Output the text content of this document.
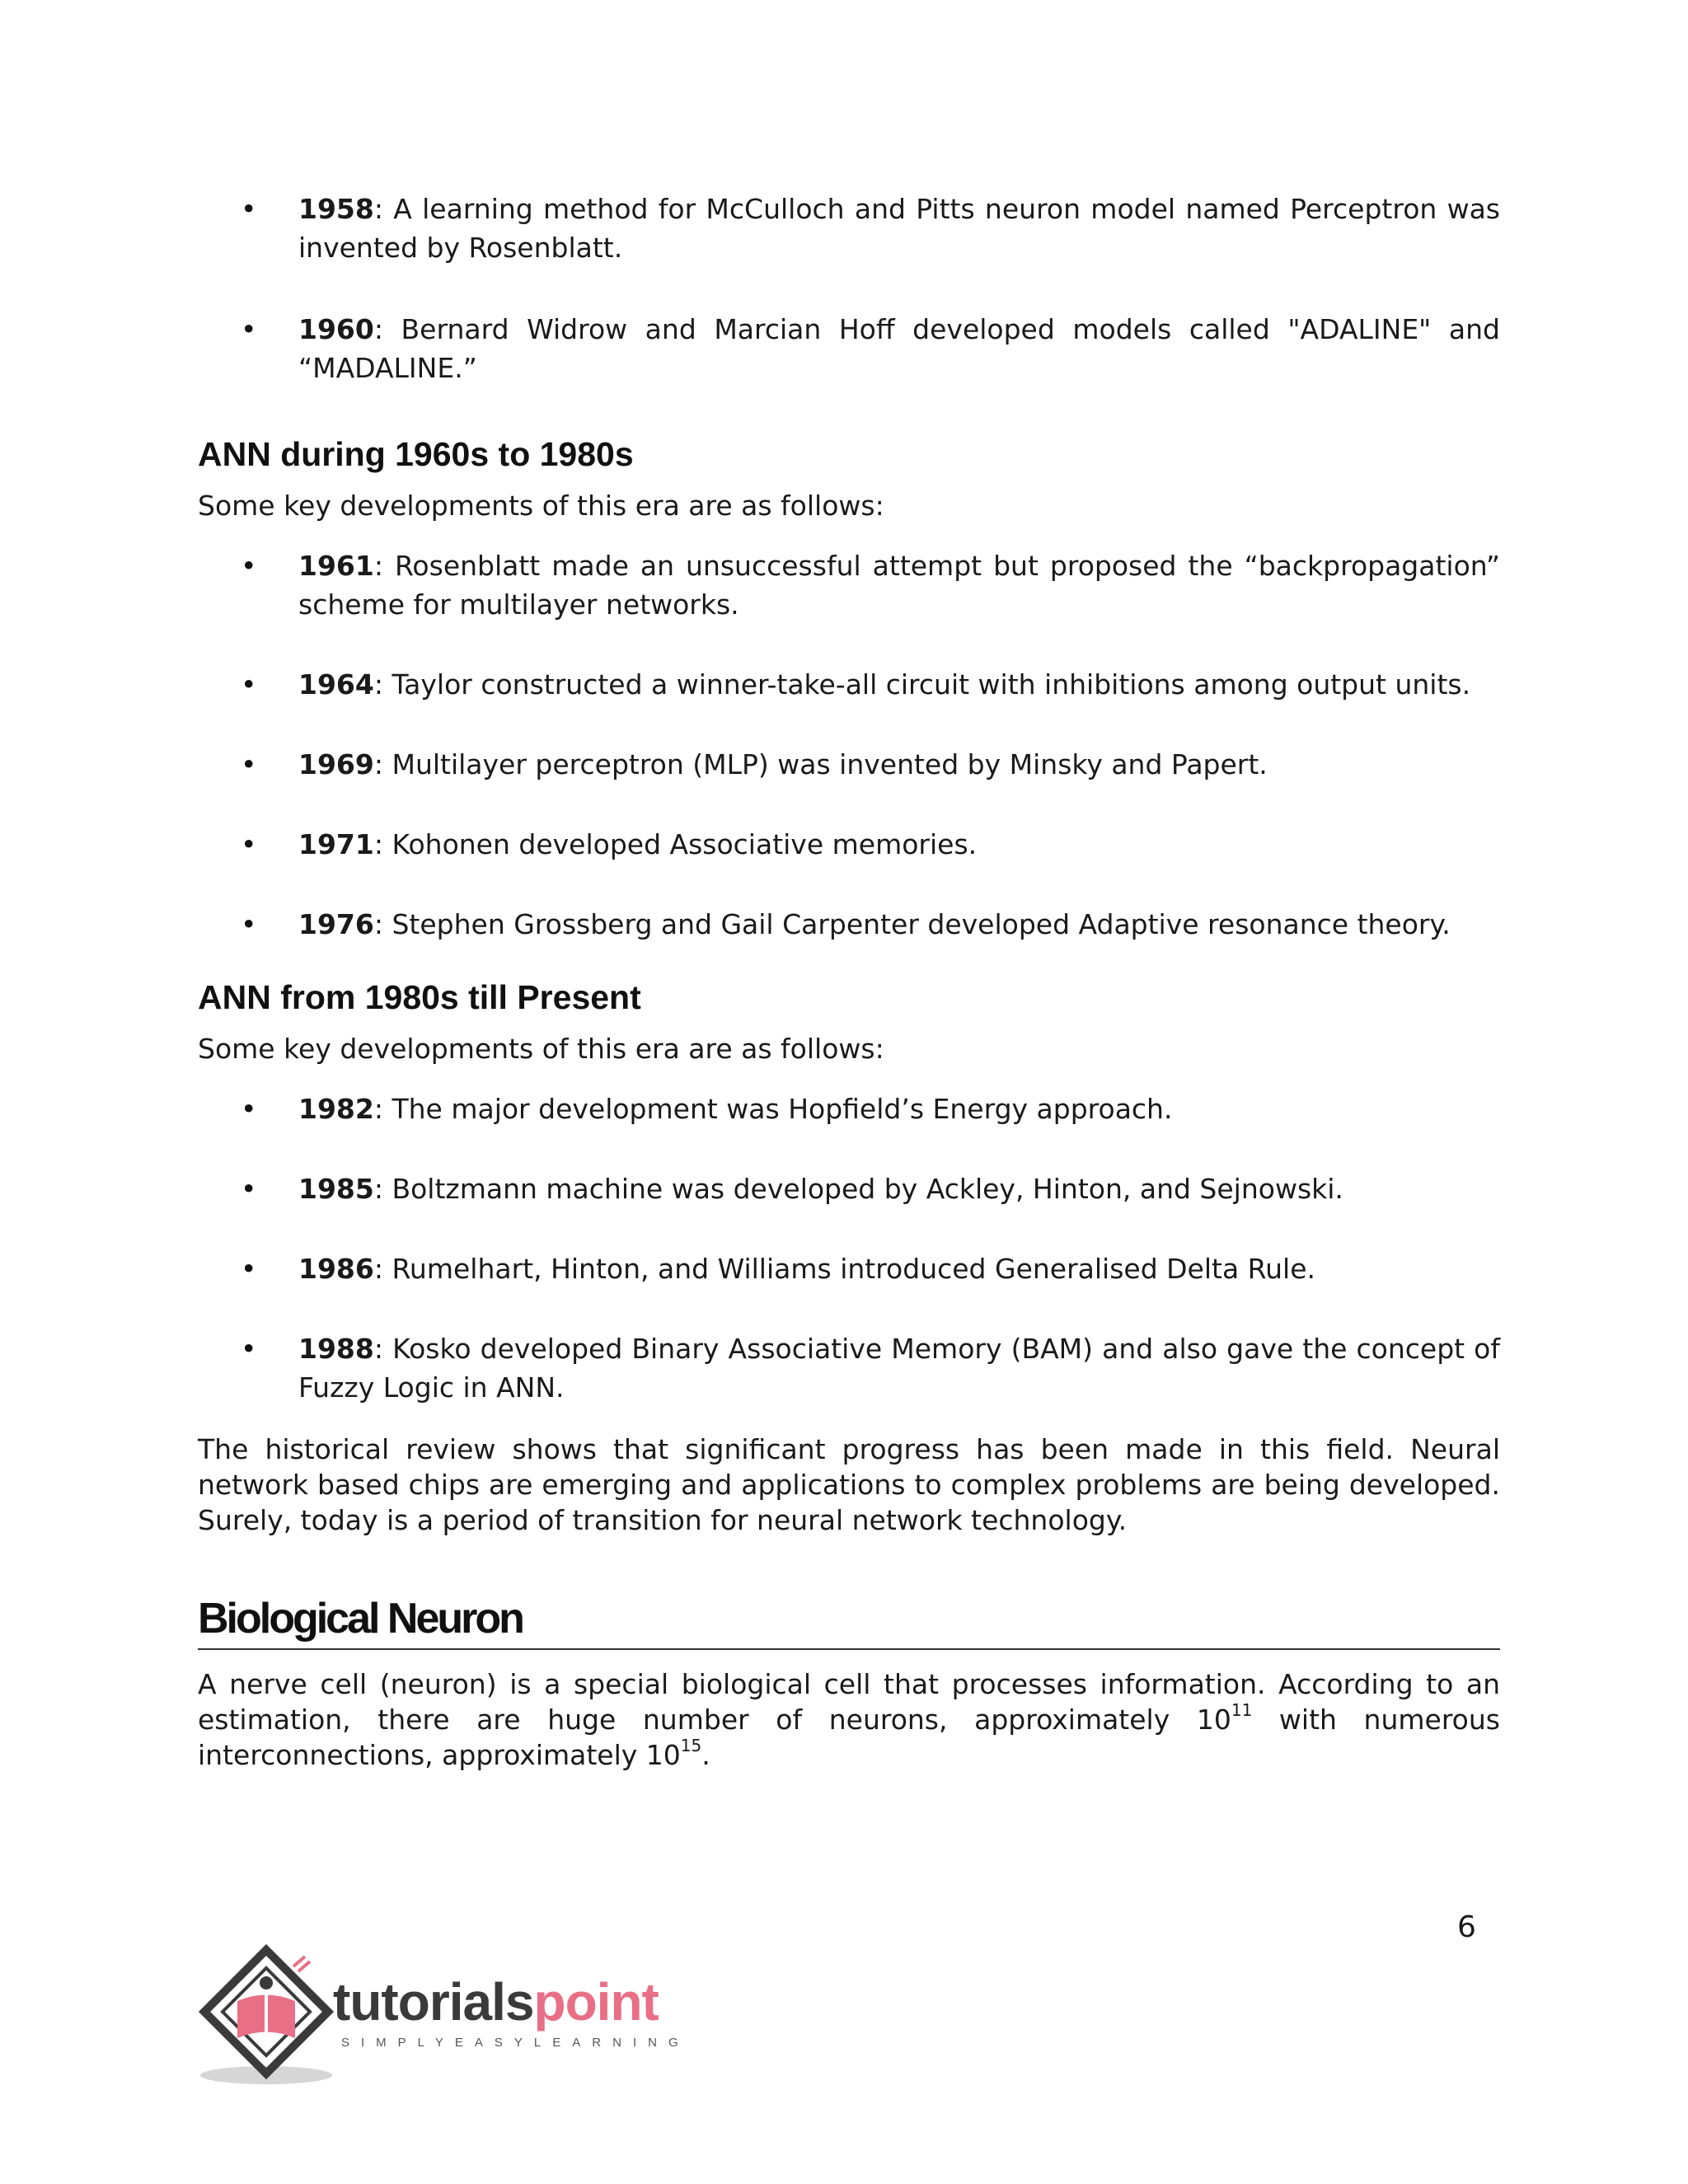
• 1958: A learning method for McCulloch and Pitts neuron model named Perceptron was invented by Rosenblatt.
• 1960: Bernard Widrow and Marcian Hoff developed models called "ADALINE" and “MADALINE.”
ANN during 1960s to 1980s
Some key developments of this era are as follows:
• 1961: Rosenblatt made an unsuccessful attempt but proposed the “backpropagation” scheme for multilayer networks.
• 1964: Taylor constructed a winner-take-all circuit with inhibitions among output units.
• 1969: Multilayer perceptron (MLP) was invented by Minsky and Papert.
• 1971: Kohonen developed Associative memories.
• 1976: Stephen Grossberg and Gail Carpenter developed Adaptive resonance theory.
ANN from 1980s till Present
Some key developments of this era are as follows:
• 1982: The major development was Hopfield’s Energy approach.
• 1985: Boltzmann machine was developed by Ackley, Hinton, and Sejnowski.
• 1986: Rumelhart, Hinton, and Williams introduced Generalised Delta Rule.
• 1988: Kosko developed Binary Associative Memory (BAM) and also gave the concept of Fuzzy Logic in ANN.

The historical review shows that significant progress has been made in this field. Neural network based chips are emerging and applications to complex problems are being developed. Surely, today is a period of transition for neural network technology.

Biological Neuron

A nerve cell (neuron) is a special biological cell that processes information. According to an estimation, there are huge number of neurons, approximately $10^{11}$ with numerous interconnections, approximately $10^{15}$.

6
tutorialspoint
SIMPLYEASYLEARNING
